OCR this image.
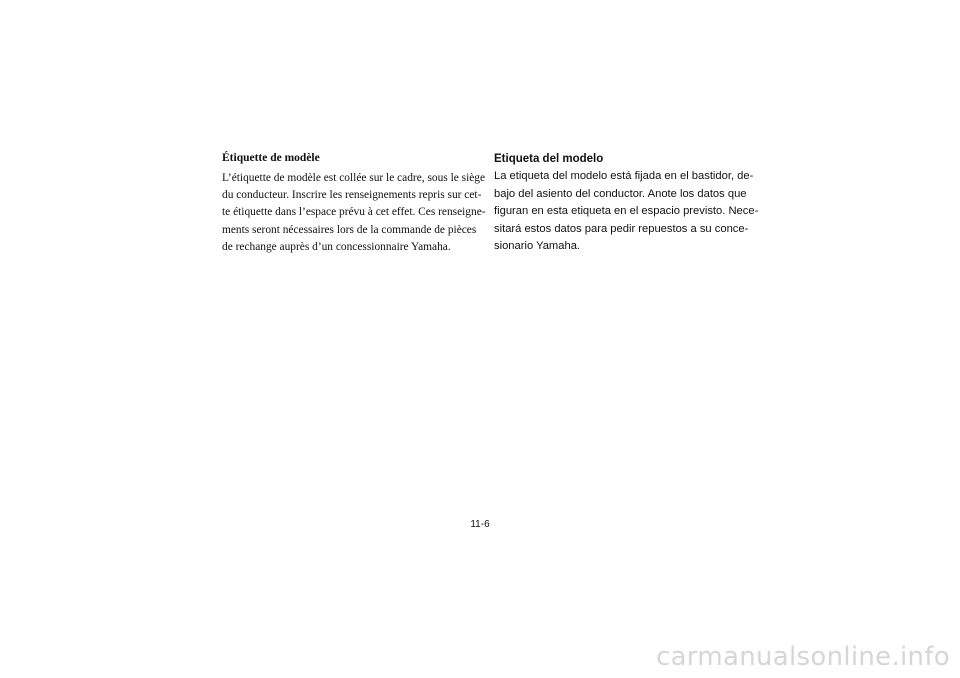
Étiquette de modèle
L’étiquette de modèle est collée sur le cadre, sous le siège
du conducteur. Inscrire les renseignements repris sur cet-
te étiquette dans l’espace prévu à cet effet. Ces renseigne-
ments seront nécessaires lors de la commande de pièces
de rechange auprès d’un concessionnaire Yamaha.
Etiqueta del modelo
La etiqueta del modelo está fijada en el bastidor, de-
bajo del asiento del conductor. Anote los datos que
figuran en esta etiqueta en el espacio previsto. Nece-
sitará estos datos para pedir repuestos a su conce-
sionario Yamaha.
11-6
carmanualsonline.info
